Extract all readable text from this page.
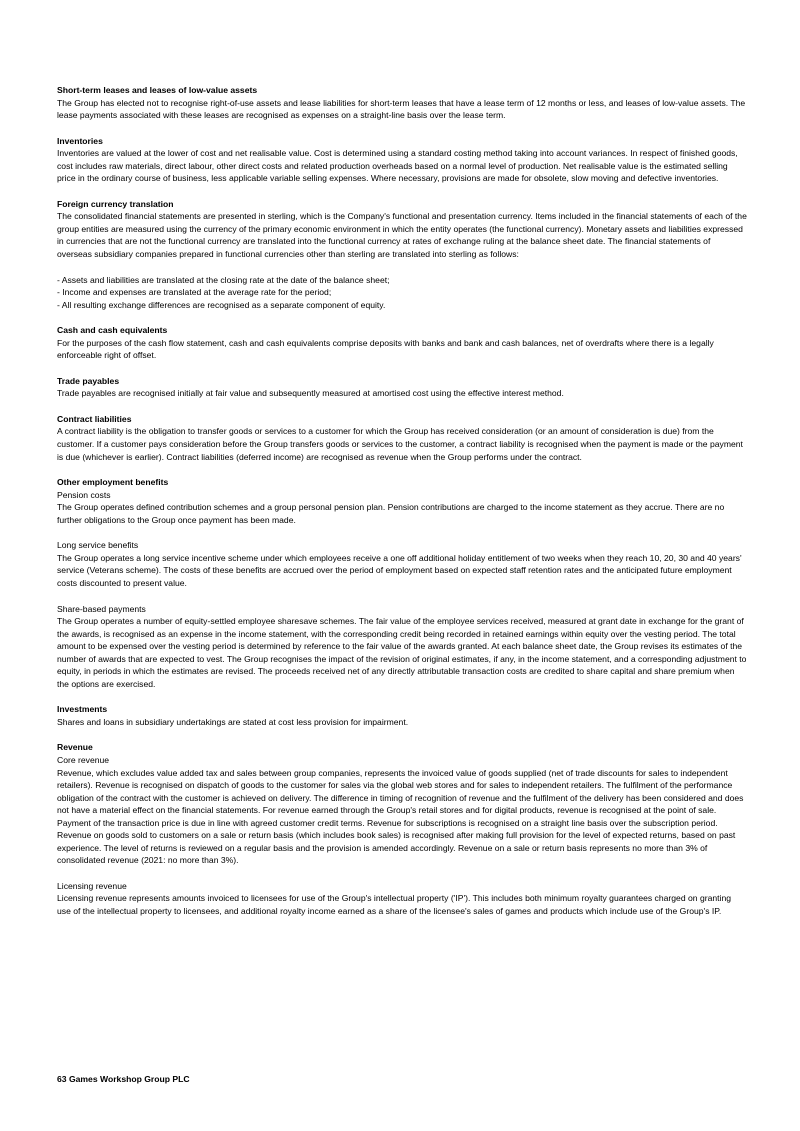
Short-term leases and leases of low-value assets

The Group has elected not to recognise right-of-use assets and lease liabilities for short-term leases that have a lease term of 12 months or less, and leases of low-value assets. The lease payments associated with these leases are recognised as expenses on a straight-line basis over the lease term.

Inventories

Inventories are valued at the lower of cost and net realisable value. Cost is determined using a standard costing method taking into account variances. In respect of finished goods, cost includes raw materials, direct labour, other direct costs and related production overheads based on a normal level of production. Net realisable value is the estimated selling price in the ordinary course of business, less applicable variable selling expenses. Where necessary, provisions are made for obsolete, slow moving and defective inventories.

Foreign currency translation

The consolidated financial statements are presented in sterling, which is the Company's functional and presentation currency. Items included in the financial statements of each of the group entities are measured using the currency of the primary economic environment in which the entity operates (the functional currency). Monetary assets and liabilities expressed in currencies that are not the functional currency are translated into the functional currency at rates of exchange ruling at the balance sheet date. The financial statements of overseas subsidiary companies prepared in functional currencies other than sterling are translated into sterling as follows:

- Assets and liabilities are translated at the closing rate at the date of the balance sheet;
- Income and expenses are translated at the average rate for the period;
- All resulting exchange differences are recognised as a separate component of equity.
Cash and cash equivalents

For the purposes of the cash flow statement, cash and cash equivalents comprise deposits with banks and bank and cash balances, net of overdrafts where there is a legally enforceable right of offset.

Trade payables

Trade payables are recognised initially at fair value and subsequently measured at amortised cost using the effective interest method.

Contract liabilities

A contract liability is the obligation to transfer goods or services to a customer for which the Group has received consideration (or an amount of consideration is due) from the customer. If a customer pays consideration before the Group transfers goods or services to the customer, a contract liability is recognised when the payment is made or the payment is due (whichever is earlier). Contract liabilities (deferred income) are recognised as revenue when the Group performs under the contract.

Other employment benefits
Pension costs

The Group operates defined contribution schemes and a group personal pension plan. Pension contributions are charged to the income statement as they accrue. There are no further obligations to the Group once payment has been made.

Long service benefits

The Group operates a long service incentive scheme under which employees receive a one off additional holiday entitlement of two weeks when they reach 10, 20, 30 and 40 years' service (Veterans scheme). The costs of these benefits are accrued over the period of employment based on expected staff retention rates and the anticipated future employment costs discounted to present value.

Share-based payments

The Group operates a number of equity-settled employee sharesave schemes. The fair value of the employee services received, measured at grant date in exchange for the grant of the awards, is recognised as an expense in the income statement, with the corresponding credit being recorded in retained earnings within equity over the vesting period. The total amount to be expensed over the vesting period is determined by reference to the fair value of the awards granted. At each balance sheet date, the Group revises its estimates of the number of awards that are expected to vest. The Group recognises the impact of the revision of original estimates, if any, in the income statement, and a corresponding adjustment to equity, in periods in which the estimates are revised. The proceeds received net of any directly attributable transaction costs are credited to share capital and share premium when the options are exercised.

Investments

Shares and loans in subsidiary undertakings are stated at cost less provision for impairment.

Revenue
Core revenue

Revenue, which excludes value added tax and sales between group companies, represents the invoiced value of goods supplied (net of trade discounts for sales to independent retailers). Revenue is recognised on dispatch of goods to the customer for sales via the global web stores and for sales to independent retailers. The fulfilment of the performance obligation of the contract with the customer is achieved on delivery. The difference in timing of recognition of revenue and the fulfilment of the delivery has been considered and does not have a material effect on the financial statements. For revenue earned through the Group's retail stores and for digital products, revenue is recognised at the point of sale. Payment of the transaction price is due in line with agreed customer credit terms. Revenue for subscriptions is recognised on a straight line basis over the subscription period.

Revenue on goods sold to customers on a sale or return basis (which includes book sales) is recognised after making full provision for the level of expected returns, based on past experience. The level of returns is reviewed on a regular basis and the provision is amended accordingly. Revenue on a sale or return basis represents no more than 3% of consolidated revenue (2021: no more than 3%).

Licensing revenue

Licensing revenue represents amounts invoiced to licensees for use of the Group's intellectual property ('IP'). This includes both minimum royalty guarantees charged on granting use of the intellectual property to licensees, and additional royalty income earned as a share of the licensee's sales of games and products which include use of the Group's IP.

63 Games Workshop Group PLC
